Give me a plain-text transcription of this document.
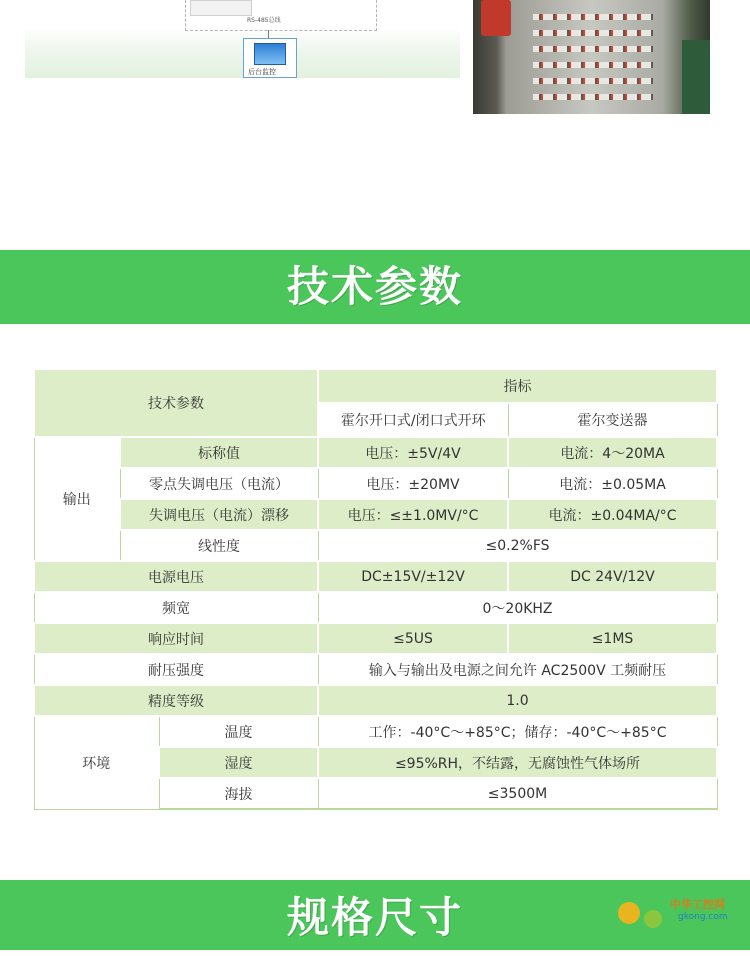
RS-485总线
后台监控
技术参数
技术参数			指标	
			霍尔开口式/闭口式开环	霍尔变送器
输出	标称值		电压：±5V/4V	电流：4～20MA
	零点失调电压（电流）		电压：±20MV	电流：±0.05MA
	失调电压（电流）漂移		电压：≤±1.0MV/°C	电流：±0.04MA/°C
	线性度		≤0.2%FS	
电源电压			DC±15V/±12V	DC 24V/12V
频宽			0～20KHZ	
响应时间			≤5US	≤1MS
耐压强度			输入与输出及电源之间允许 AC2500V 工频耐压	
精度等级			1.0	
环境		温度	工作：-40°C～+85°C；储存：-40°C～+85°C	
		湿度	≤95%RH，不结露，无腐蚀性气体场所	
		海拔	≤3500M	
规格尺寸	中华工控网
gkong.com
